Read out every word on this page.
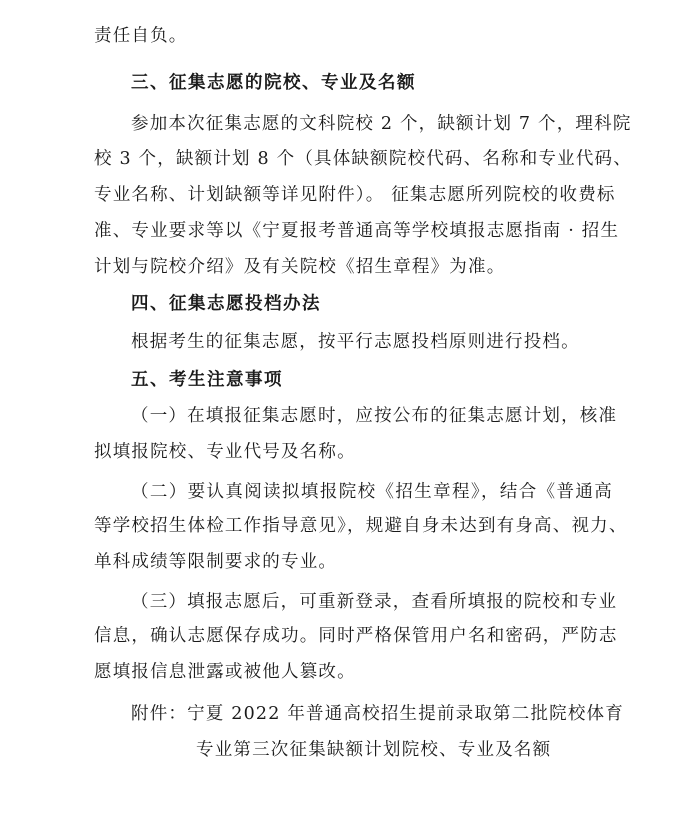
责任自负。
三、征集志愿的院校、专业及名额
参加本次征集志愿的文科院校 2 个，缺额计划 7 个，理科院
校 3 个，缺额计划 8 个（具体缺额院校代码、名称和专业代码、
专业名称、计划缺额等详见附件）。 征集志愿所列院校的收费标
准、专业要求等以《宁夏报考普通高等学校填报志愿指南 · 招生
计划与院校介绍》及有关院校《招生章程》为准。
四、征集志愿投档办法
根据考生的征集志愿，按平行志愿投档原则进行投档。
五、考生注意事项
（一）在填报征集志愿时，应按公布的征集志愿计划，核准
拟填报院校、专业代号及名称。
（二）要认真阅读拟填报院校《招生章程》，结合《普通高
等学校招生体检工作指导意见》，规避自身未达到有身高、视力、
单科成绩等限制要求的专业。
（三）填报志愿后，可重新登录，查看所填报的院校和专业
信息，确认志愿保存成功。同时严格保管用户名和密码，严防志
愿填报信息泄露或被他人篡改。
附件：宁夏 2022 年普通高校招生提前录取第二批院校体育
专业第三次征集缺额计划院校、专业及名额
